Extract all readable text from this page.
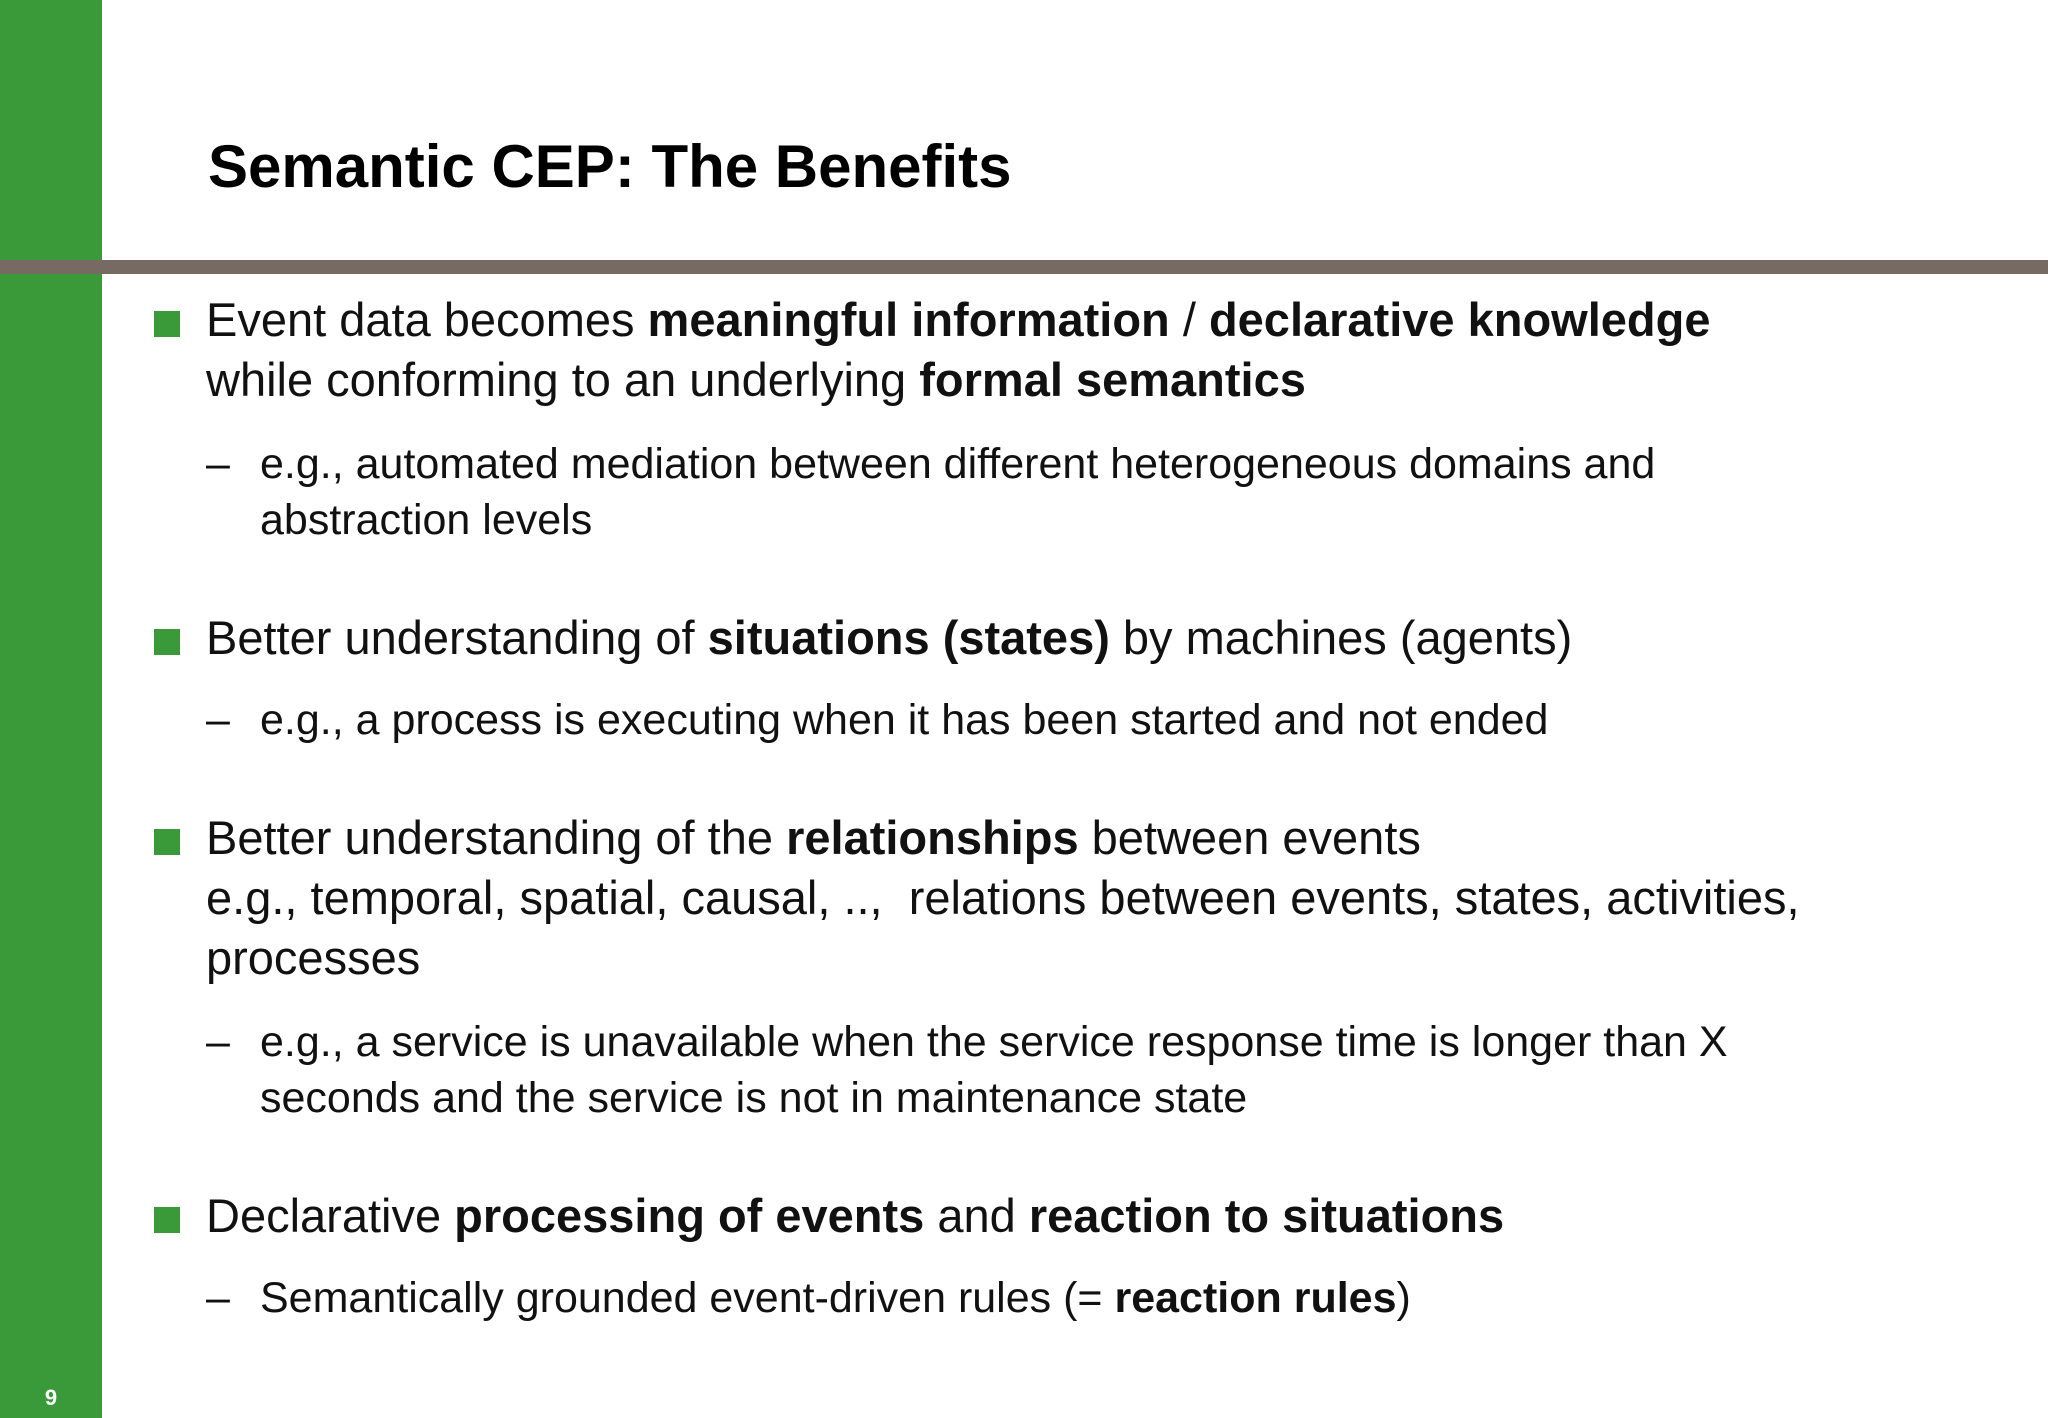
9
Semantic CEP: The Benefits
Event data becomes meaningful information / declarative knowledge
while conforming to an underlying formal semantics
– e.g., automated mediation between different heterogeneous domains and
abstraction levels
Better understanding of situations (states) by machines (agents)
– e.g., a process is executing when it has been started and not ended
Better understanding of the relationships between events
e.g., temporal, spatial, causal, ..,  relations between events, states, activities,
processes
– e.g., a service is unavailable when the service response time is longer than X
seconds and the service is not in maintenance state
Declarative processing of events and reaction to situations
– Semantically grounded event-driven rules (= reaction rules)
